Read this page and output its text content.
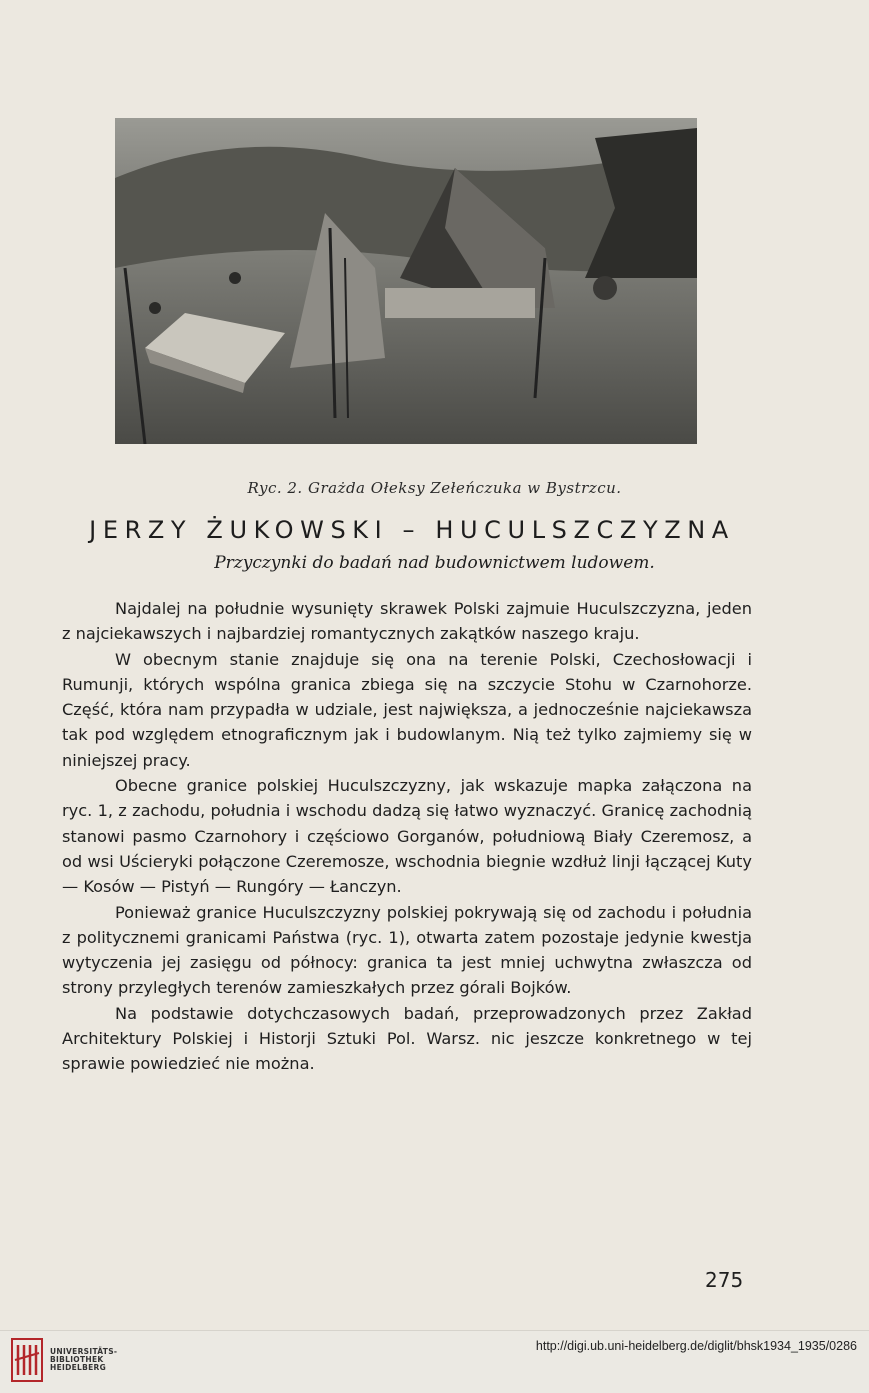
Ryc. 2. Grażda Ołeksy Zełeńczuka w Bystrzcu.
JERZY ŻUKOWSKI – HUCULSZCZYZNA
Przyczynki do badań nad budownictwem ludowem.

Najdalej na południe wysunięty skrawek Polski zajmuie Huculszczyzna, jeden z najciekawszych i najbardziej romantycznych zakątków naszego kraju.

W obecnym stanie znajduje się ona na terenie Polski, Czechosłowacji i Rumunji, których wspólna granica zbiega się na szczycie Stohu w Czarnohorze. Część, która nam przypadła w udziale, jest największa, a jednocześnie najciekawsza tak pod względem etnograficznym jak i budowlanym. Nią też tylko zajmiemy się w niniejszej pracy.

Obecne granice polskiej Huculszczyzny, jak wskazuje mapka załączona na ryc. 1, z zachodu, południa i wschodu dadzą się łatwo wyznaczyć. Granicę zachodnią stanowi pasmo Czarnohory i częściowo Gorganów, południową Biały Czeremosz, a od wsi Uścieryki połączone Czeremosze, wschodnia biegnie wzdłuż linji łączącej Kuty — Kosów — Pistyń — Rungóry — Łanczyn.

Ponieważ granice Huculszczyzny polskiej pokrywają się od zachodu i południa z politycznemi granicami Państwa (ryc. 1), otwarta zatem pozostaje jedynie kwestja wytyczenia jej zasięgu od północy: granica ta jest mniej uchwytna zwłaszcza od strony przyległych terenów zamieszkałych przez górali Bojków.

Na podstawie dotychczasowych badań, przeprowadzonych przez Zakład Architektury Polskiej i Historji Sztuki Pol. Warsz. nic jeszcze konkretnego w tej sprawie powiedzieć nie można.

275
UNIVERSITÄTS-
BIBLIOTHEK
HEIDELBERG
http://digi.ub.uni-heidelberg.de/diglit/bhsk1934_1935/0286
